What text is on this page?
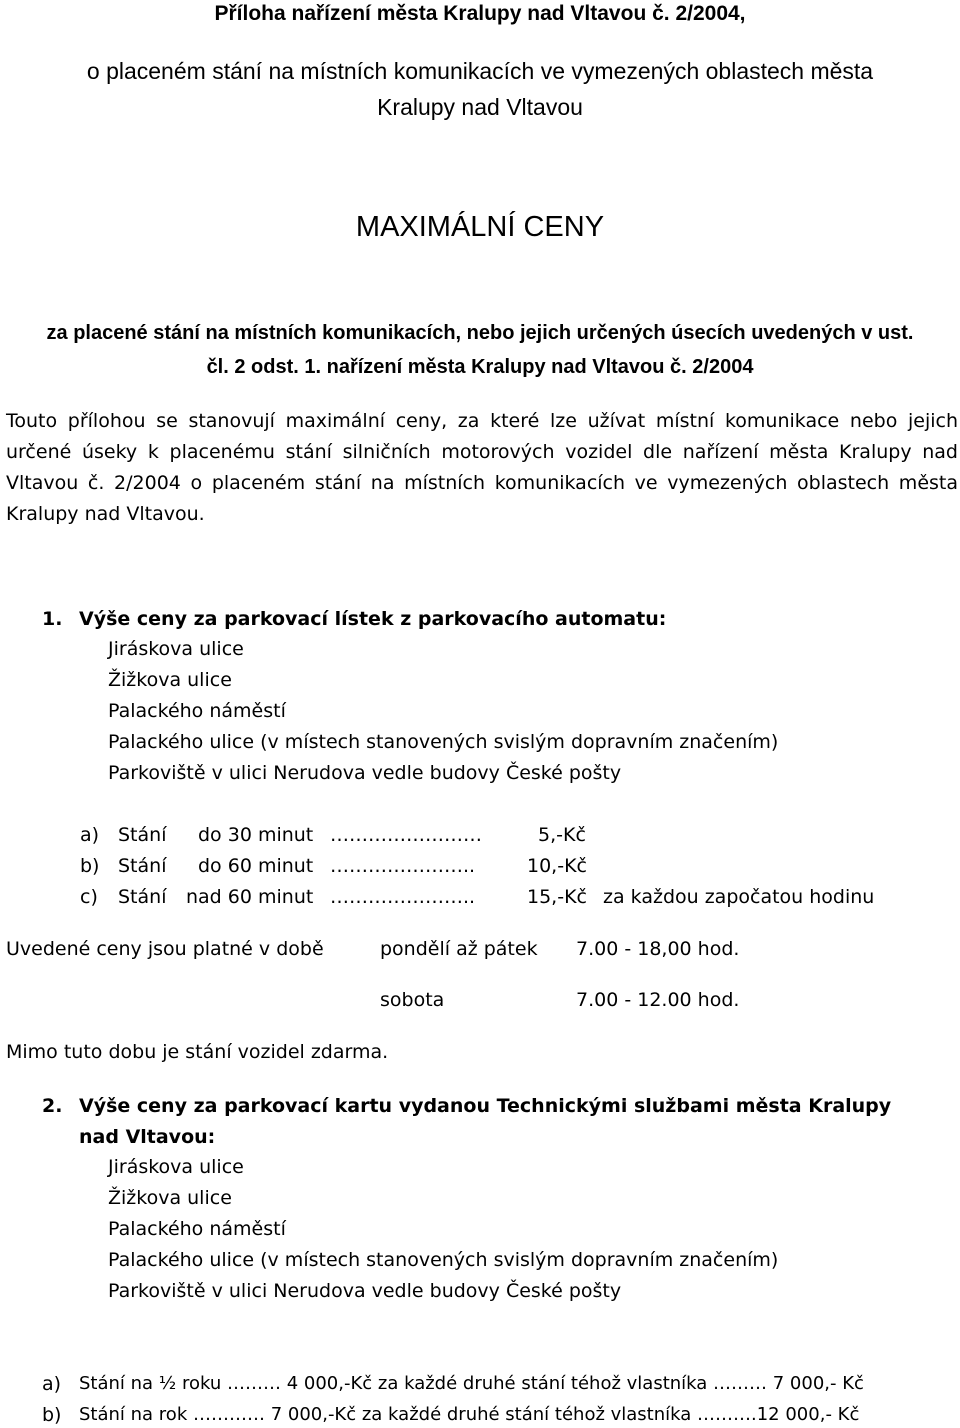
Příloha nařízení města Kralupy nad Vltavou č. 2/2004,
o placeném stání na místních komunikacích ve vymezených oblastech města
Kralupy nad Vltavou
MAXIMÁLNÍ CENY
za placené stání na místních komunikacích, nebo jejich určených úsecích uvedených v ust.
čl. 2 odst. 1. nařízení města Kralupy nad Vltavou č. 2/2004
Touto přílohou se stanovují maximální ceny, za které lze užívat místní komunikace nebo jejich určené úseky k placenému stání silničních motorových vozidel dle nařízení města Kralupy nad Vltavou č. 2/2004 o placeném stání na místních komunikacích ve vymezených oblastech města Kralupy nad Vltavou.
1. Výše ceny za parkovací lístek z parkovacího automatu:
Jiráskova ulice
Žižkova ulice
Palackého náměstí
Palackého ulice (v místech stanovených svislým dopravním značením)
Parkoviště v ulici Nerudova vedle budovy České pošty
a) Stání do 30 minut ……………………	5,-Kč
b) Stání do 60 minut …………………..	10,-Kč
c) Stání nad 60 minut …………………..	15,-Kč za každou započatou hodinu
Uvedené ceny jsou platné v době	pondělí až pátek 7.00 - 18,00 hod.
sobota	7.00 - 12.00 hod.
Mimo tuto dobu je stání vozidel zdarma.
2. Výše ceny za parkovací kartu vydanou Technickými službami města Kralupy
nad Vltavou:
Jiráskova ulice
Žižkova ulice
Palackého náměstí
Palackého ulice (v místech stanovených svislým dopravním značením)
Parkoviště v ulici Nerudova vedle budovy České pošty
a) Stání na ½ roku ……… 4 000,-Kč za každé druhé stání téhož vlastníka ……… 7 000,- Kč
b) Stání na rok ………… 7 000,-Kč za každé druhé stání téhož vlastníka ……….12 000,- Kč
